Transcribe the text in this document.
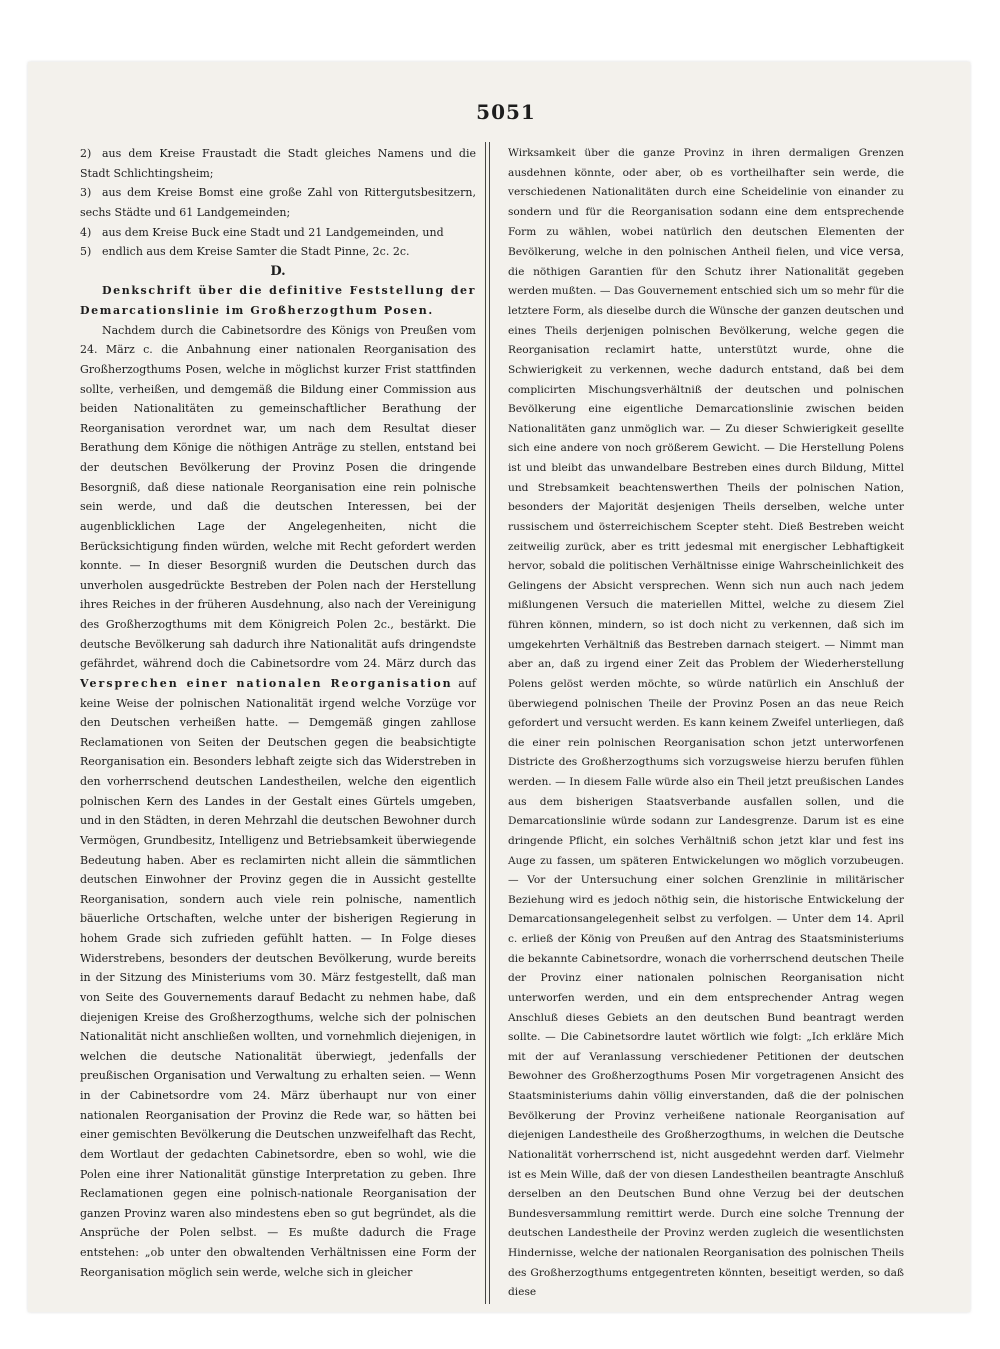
5051
2) aus dem Kreise Fraustadt die Stadt gleiches Namens und die Stadt Schlichtingsheim;
3) aus dem Kreise Bomst eine große Zahl von Rittergutsbesitzern, sechs Städte und 61 Landgemeinden;
4) aus dem Kreise Buck eine Stadt und 21 Landgemeinden, und
5) endlich aus dem Kreise Samter die Stadt Pinne, 2c. 2c.
D.
Denkschrift über die definitive Feststellung der Demarcationslinie im Großherzogthum Posen.
Nachdem durch die Cabinetsordre des Königs von Preußen vom 24. März c. die Anbahnung einer nationalen Reorganisation des Großherzogthums Posen, welche in möglichst kurzer Frist stattfinden sollte, verheißen, und demgemäß die Bildung einer Commission aus beiden Nationalitäten zu gemeinschaftlicher Berathung der Reorganisation verordnet war, um nach dem Resultat dieser Berathung dem Könige die nöthigen Anträge zu stellen, entstand bei der deutschen Bevölkerung der Provinz Posen die dringende Besorgniß, daß diese nationale Reorganisation eine rein polnische sein werde, und daß die deutschen Interessen, bei der augenblicklichen Lage der Angelegenheiten, nicht die Berücksichtigung finden würden, welche mit Recht gefordert werden konnte. — In dieser Besorgniß wurden die Deutschen durch das unverholen ausgedrückte Bestreben der Polen nach der Herstellung ihres Reiches in der früheren Ausdehnung, also nach der Vereinigung des Großherzogthums mit dem Königreich Polen 2c., bestärkt. Die deutsche Bevölkerung sah dadurch ihre Nationalität aufs dringendste gefährdet, während doch die Cabinetsordre vom 24. März durch das Versprechen einer nationalen Reorganisation auf keine Weise der polnischen Nationalität irgend welche Vorzüge vor den Deutschen verheißen hatte. — Demgemäß gingen zahllose Reclamationen von Seiten der Deutschen gegen die beabsichtigte Reorganisation ein. Besonders lebhaft zeigte sich das Widerstreben in den vorherrschend deutschen Landestheilen, welche den eigentlich polnischen Kern des Landes in der Gestalt eines Gürtels umgeben, und in den Städten, in deren Mehrzahl die deutschen Bewohner durch Vermögen, Grundbesitz, Intelligenz und Betriebsamkeit überwiegende Bedeutung haben. Aber es reclamirten nicht allein die sämmtlichen deutschen Einwohner der Provinz gegen die in Aussicht gestellte Reorganisation, sondern auch viele rein polnische, namentlich bäuerliche Ortschaften, welche unter der bisherigen Regierung in hohem Grade sich zufrieden gefühlt hatten. — In Folge dieses Widerstrebens, besonders der deutschen Bevölkerung, wurde bereits in der Sitzung des Ministeriums vom 30. März festgestellt, daß man von Seite des Gouvernements darauf Bedacht zu nehmen habe, daß diejenigen Kreise des Großherzogthums, welche sich der polnischen Nationalität nicht anschließen wollten, und vornehmlich diejenigen, in welchen die deutsche Nationalität überwiegt, jedenfalls der preußischen Organisation und Verwaltung zu erhalten seien. — Wenn in der Cabinetsordre vom 24. März überhaupt nur von einer nationalen Reorganisation der Provinz die Rede war, so hätten bei einer gemischten Bevölkerung die Deutschen unzweifelhaft das Recht, dem Wortlaut der gedachten Cabinetsordre, eben so wohl, wie die Polen eine ihrer Nationalität günstige Interpretation zu geben. Ihre Reclamationen gegen eine polnisch-nationale Reorganisation der ganzen Provinz waren also mindestens eben so gut begründet, als die Ansprüche der Polen selbst. — Es mußte dadurch die Frage entstehen: „ob unter den obwaltenden Verhältnissen eine Form der Reorganisation möglich sein werde, welche sich in gleicher
Wirksamkeit über die ganze Provinz in ihren dermaligen Grenzen ausdehnen könnte, oder aber, ob es vortheilhafter sein werde, die verschiedenen Nationalitäten durch eine Scheidelinie von einander zu sondern und für die Reorganisation sodann eine dem entsprechende Form zu wählen, wobei natürlich den deutschen Elementen der Bevölkerung, welche in den polnischen Antheil fielen, und vice versa, die nöthigen Garantien für den Schutz ihrer Nationalität gegeben werden mußten. — Das Gouvernement entschied sich um so mehr für die letztere Form, als dieselbe durch die Wünsche der ganzen deutschen und eines Theils derjenigen polnischen Bevölkerung, welche gegen die Reorganisation reclamirt hatte, unterstützt wurde, ohne die Schwierigkeit zu verkennen, weche dadurch entstand, daß bei dem complicirten Mischungsverhältniß der deutschen und polnischen Bevölkerung eine eigentliche Demarcationslinie zwischen beiden Nationalitäten ganz unmöglich war. — Zu dieser Schwierigkeit gesellte sich eine andere von noch größerem Gewicht. — Die Herstellung Polens ist und bleibt das unwandelbare Bestreben eines durch Bildung, Mittel und Strebsamkeit beachtenswerthen Theils der polnischen Nation, besonders der Majorität desjenigen Theils derselben, welche unter russischem und österreichischem Scepter steht. Dieß Bestreben weicht zeitweilig zurück, aber es tritt jedesmal mit energischer Lebhaftigkeit hervor, sobald die politischen Verhältnisse einige Wahrscheinlichkeit des Gelingens der Absicht versprechen. Wenn sich nun auch nach jedem mißlungenen Versuch die materiellen Mittel, welche zu diesem Ziel führen können, mindern, so ist doch nicht zu verkennen, daß sich im umgekehrten Verhältniß das Bestreben darnach steigert. — Nimmt man aber an, daß zu irgend einer Zeit das Problem der Wiederherstellung Polens gelöst werden möchte, so würde natürlich ein Anschluß der überwiegend polnischen Theile der Provinz Posen an das neue Reich gefordert und versucht werden. Es kann keinem Zweifel unterliegen, daß die einer rein polnischen Reorganisation schon jetzt unterworfenen Districte des Großherzogthums sich vorzugsweise hierzu berufen fühlen werden. — In diesem Falle würde also ein Theil jetzt preußischen Landes aus dem bisherigen Staatsverbande ausfallen sollen, und die Demarcationslinie würde sodann zur Landesgrenze. Darum ist es eine dringende Pflicht, ein solches Verhältniß schon jetzt klar und fest ins Auge zu fassen, um späteren Entwickelungen wo möglich vorzubeugen. — Vor der Untersuchung einer solchen Grenzlinie in militärischer Beziehung wird es jedoch nöthig sein, die historische Entwickelung der Demarcationsangelegenheit selbst zu verfolgen. — Unter dem 14. April c. erließ der König von Preußen auf den Antrag des Staatsministeriums die bekannte Cabinetsordre, wonach die vorherrschend deutschen Theile der Provinz einer nationalen polnischen Reorganisation nicht unterworfen werden, und ein dem entsprechender Antrag wegen Anschluß dieses Gebiets an den deutschen Bund beantragt werden sollte. — Die Cabinetsordre lautet wörtlich wie folgt: „Ich erkläre Mich mit der auf Veranlassung verschiedener Petitionen der deutschen Bewohner des Großherzogthums Posen Mir vorgetragenen Ansicht des Staatsministeriums dahin völlig einverstanden, daß die der polnischen Bevölkerung der Provinz verheißene nationale Reorganisation auf diejenigen Landestheile des Großherzogthums, in welchen die Deutsche Nationalität vorherrschend ist, nicht ausgedehnt werden darf. Vielmehr ist es Mein Wille, daß der von diesen Landestheilen beantragte Anschluß derselben an den Deutschen Bund ohne Verzug bei der deutschen Bundesversammlung remittirt werde. Durch eine solche Trennung der deutschen Landestheile der Provinz werden zugleich die wesentlichsten Hindernisse, welche der nationalen Reorganisation des polnischen Theils des Großherzogthums entgegentreten könnten, beseitigt werden, so daß diese
